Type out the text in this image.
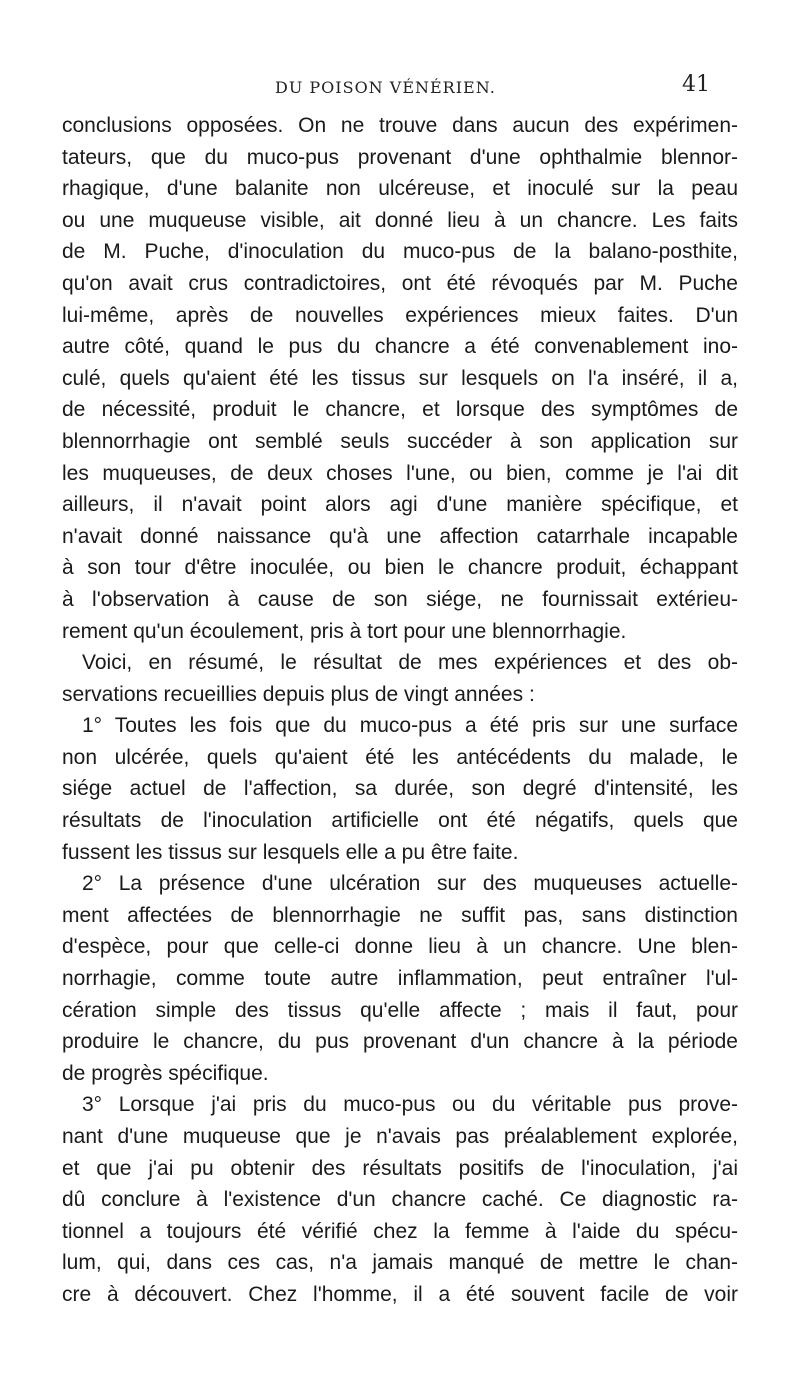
DU POISON VÉNÉRIEN.	41
conclusions opposées. On ne trouve dans aucun des expérimen-
tateurs, que du muco-pus provenant d'une ophthalmie blennor-
rhagique, d'une balanite non ulcéreuse, et inoculé sur la peau
ou une muqueuse visible, ait donné lieu à un chancre. Les faits
de M. Puche, d'inoculation du muco-pus de la balano-posthite,
qu'on avait crus contradictoires, ont été révoqués par M. Puche
lui-même, après de nouvelles expériences mieux faites. D'un
autre côté, quand le pus du chancre a été convenablement ino-
culé, quels qu'aient été les tissus sur lesquels on l'a inséré, il a,
de nécessité, produit le chancre, et lorsque des symptômes de
blennorrhagie ont semblé seuls succéder à son application sur
les muqueuses, de deux choses l'une, ou bien, comme je l'ai dit
ailleurs, il n'avait point alors agi d'une manière spécifique, et
n'avait donné naissance qu'à une affection catarrhale incapable
à son tour d'être inoculée, ou bien le chancre produit, échappant
à l'observation à cause de son siége, ne fournissait extérieu-
rement qu'un écoulement, pris à tort pour une blennorrhagie.
Voici, en résumé, le résultat de mes expériences et des ob-
servations recueillies depuis plus de vingt années :
1° Toutes les fois que du muco-pus a été pris sur une surface
non ulcérée, quels qu'aient été les antécédents du malade, le
siége actuel de l'affection, sa durée, son degré d'intensité, les
résultats de l'inoculation artificielle ont été négatifs, quels que
fussent les tissus sur lesquels elle a pu être faite.
2° La présence d'une ulcération sur des muqueuses actuelle-
ment affectées de blennorrhagie ne suffit pas, sans distinction
d'espèce, pour que celle-ci donne lieu à un chancre. Une blen-
norrhagie, comme toute autre inflammation, peut entraîner l'ul-
cération simple des tissus qu'elle affecte ; mais il faut, pour
produire le chancre, du pus provenant d'un chancre à la période
de progrès spécifique.
3° Lorsque j'ai pris du muco-pus ou du véritable pus prove-
nant d'une muqueuse que je n'avais pas préalablement explorée,
et que j'ai pu obtenir des résultats positifs de l'inoculation, j'ai
dû conclure à l'existence d'un chancre caché. Ce diagnostic ra-
tionnel a toujours été vérifié chez la femme à l'aide du spécu-
lum, qui, dans ces cas, n'a jamais manqué de mettre le chan-
cre à découvert. Chez l'homme, il a été souvent facile de voir
